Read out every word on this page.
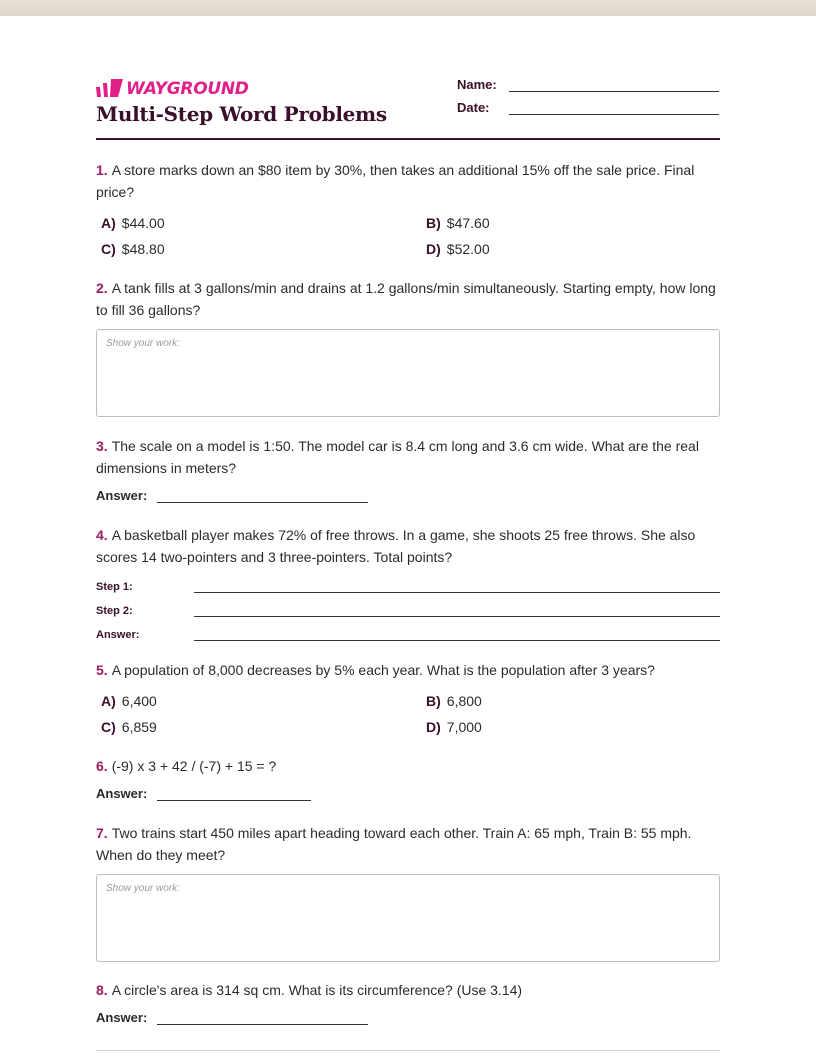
WAYGROUND
Multi-Step Word Problems
Name:
Date:
1. A store marks down an $80 item by 30%, then takes an additional 15% off the sale price. Final price?
A) $44.00	B) $47.60
C) $48.80	D) $52.00
2. A tank fills at 3 gallons/min and drains at 1.2 gallons/min simultaneously. Starting empty, how long to fill 36 gallons?
Show your work:
3. The scale on a model is 1:50. The model car is 8.4 cm long and 3.6 cm wide. What are the real dimensions in meters?
Answer:
4. A basketball player makes 72% of free throws. In a game, she shoots 25 free throws. She also scores 14 two-pointers and 3 three-pointers. Total points?
Step 1:
Step 2:
Answer:
5. A population of 8,000 decreases by 5% each year. What is the population after 3 years?
A) 6,400	B) 6,800
C) 6,859	D) 7,000
6. (-9) x 3 + 42 / (-7) + 15 = ?
Answer:
7. Two trains start 450 miles apart heading toward each other. Train A: 65 mph, Train B: 55 mph. When do they meet?
Show your work:
8. A circle's area is 314 sq cm. What is its circumference? (Use 3.14)
Answer:
